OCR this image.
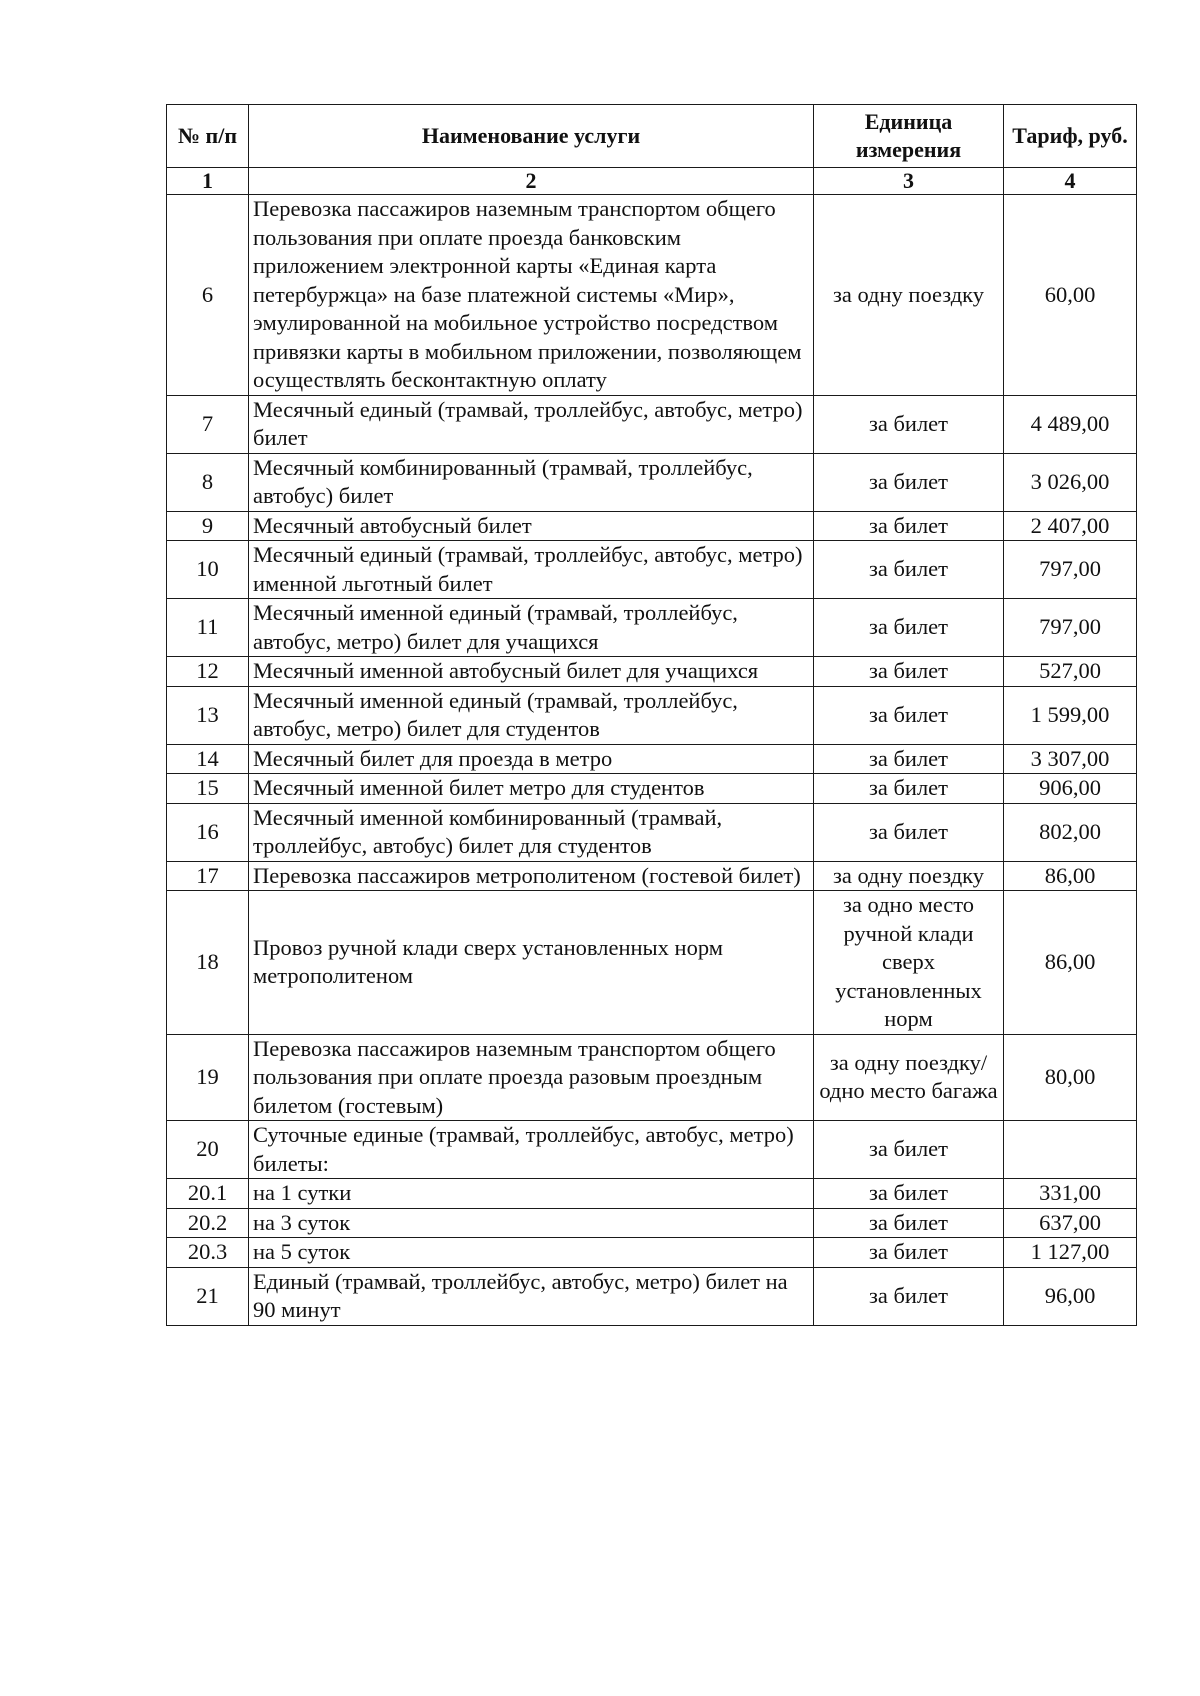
№ п/п	Наименование услуги	Единица измерения	Тариф, руб.
1	2	3	4
6	Перевозка пассажиров наземным транспортом общего пользования при оплате проезда банковским приложением электронной карты «Единая карта петербуржца» на базе платежной системы «Мир», эмулированной на мобильное устройство посредством привязки карты в мобильном приложении, позволяющем осуществлять бесконтактную оплату	за одну поездку	60,00
7	Месячный единый (трамвай, троллейбус, автобус, метро) билет	за билет	4 489,00
8	Месячный комбинированный (трамвай, троллейбус, автобус) билет	за билет	3 026,00
9	Месячный автобусный билет	за билет	2 407,00
10	Месячный единый (трамвай, троллейбус, автобус, метро) именной льготный билет	за билет	797,00
11	Месячный именной единый (трамвай, троллейбус, автобус, метро) билет для учащихся	за билет	797,00
12	Месячный именной автобусный билет для учащихся	за билет	527,00
13	Месячный именной единый (трамвай, троллейбус, автобус, метро) билет для студентов	за билет	1 599,00
14	Месячный билет для проезда в метро	за билет	3 307,00
15	Месячный именной билет метро для студентов	за билет	906,00
16	Месячный именной комбинированный (трамвай, троллейбус, автобус) билет для студентов	за билет	802,00
17	Перевозка пассажиров метрополитеном (гостевой билет)	за одну поездку	86,00
18	Провоз ручной клади сверх установленных норм метрополитеном	за одно место ручной клади сверх установленных норм	86,00
19	Перевозка пассажиров наземным транспортом общего пользования при оплате проезда разовым проездным билетом (гостевым)	за одну поездку/одно место багажа	80,00
20	Суточные единые (трамвай, троллейбус, автобус, метро) билеты:	за билет	
20.1	на 1 сутки	за билет	331,00
20.2	на 3 суток	за билет	637,00
20.3	на 5 суток	за билет	1 127,00
21	Единый (трамвай, троллейбус, автобус, метро) билет на 90 минут	за билет	96,00
